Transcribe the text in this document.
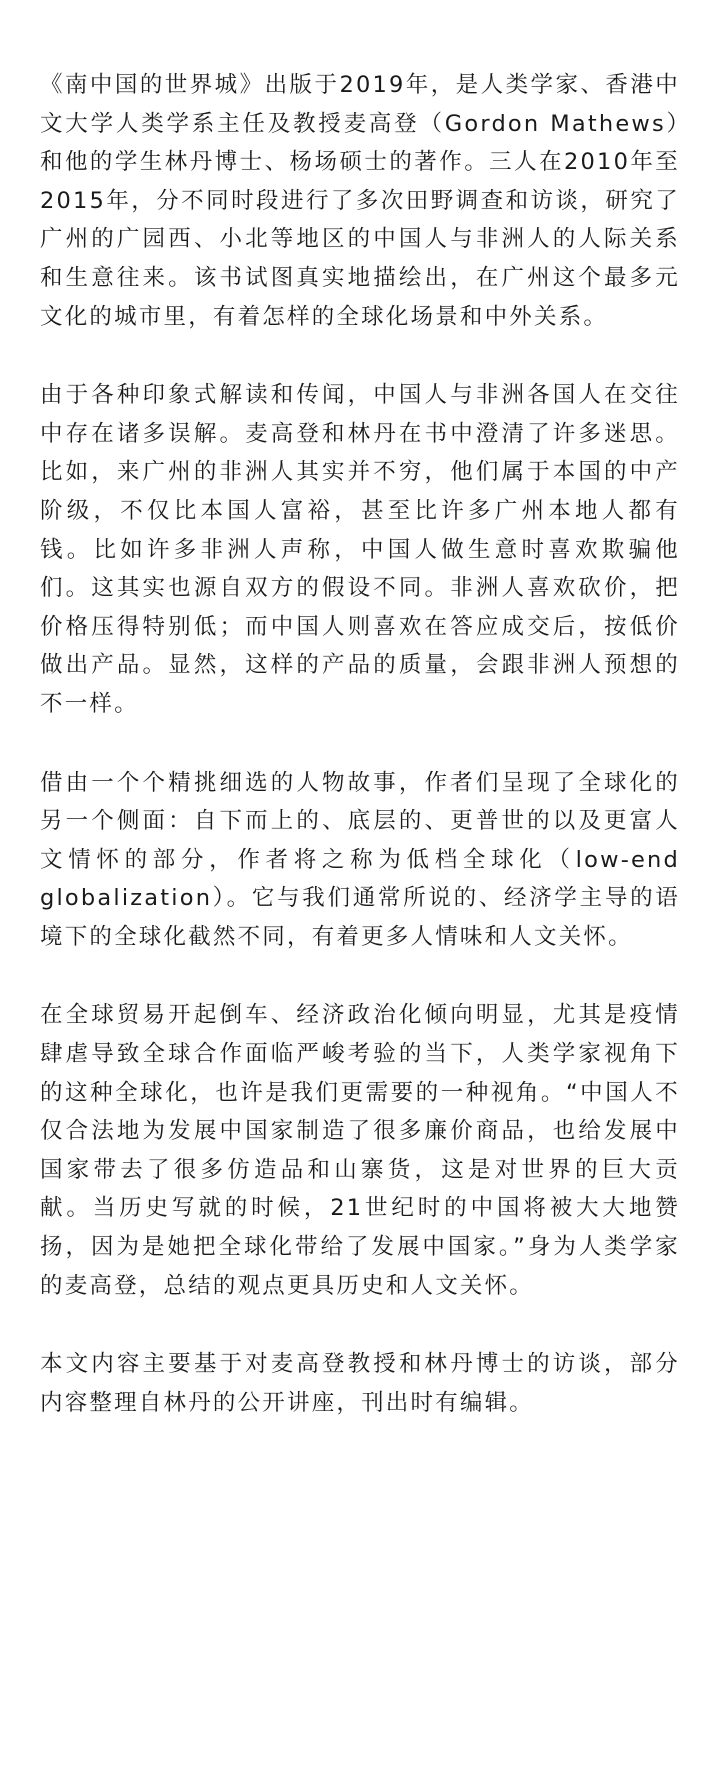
《南中国的世界城》出版于2019年，是人类学家、香港中文大学人类学系主任及教授麦高登（Gordon Mathews）和他的学生林丹博士、杨场硕士的著作。三人在2010年至2015年，分不同时段进行了多次田野调查和访谈，研究了广州的广园西、小北等地区的中国人与非洲人的人际关系和生意往来。该书试图真实地描绘出，在广州这个最多元文化的城市里，有着怎样的全球化场景和中外关系。

由于各种印象式解读和传闻，中国人与非洲各国人在交往中存在诸多误解。麦高登和林丹在书中澄清了许多迷思。比如，来广州的非洲人其实并不穷，他们属于本国的中产阶级，不仅比本国人富裕，甚至比许多广州本地人都有钱。比如许多非洲人声称，中国人做生意时喜欢欺骗他们。这其实也源自双方的假设不同。非洲人喜欢砍价，把价格压得特别低；而中国人则喜欢在答应成交后，按低价做出产品。显然，这样的产品的质量，会跟非洲人预想的不一样。

借由一个个精挑细选的人物故事，作者们呈现了全球化的另一个侧面：自下而上的、底层的、更普世的以及更富人文情怀的部分，作者将之称为低档全球化（low-end globalization）。它与我们通常所说的、经济学主导的语境下的全球化截然不同，有着更多人情味和人文关怀。

在全球贸易开起倒车、经济政治化倾向明显，尤其是疫情肆虐导致全球合作面临严峻考验的当下，人类学家视角下的这种全球化，也许是我们更需要的一种视角。“中国人不仅合法地为发展中国家制造了很多廉价商品，也给发展中国家带去了很多仿造品和山寨货，这是对世界的巨大贡献。当历史写就的时候，21世纪时的中国将被大大地赞扬，因为是她把全球化带给了发展中国家。”身为人类学家的麦高登，总结的观点更具历史和人文关怀。

本文内容主要基于对麦高登教授和林丹博士的访谈，部分内容整理自林丹的公开讲座，刊出时有编辑。
